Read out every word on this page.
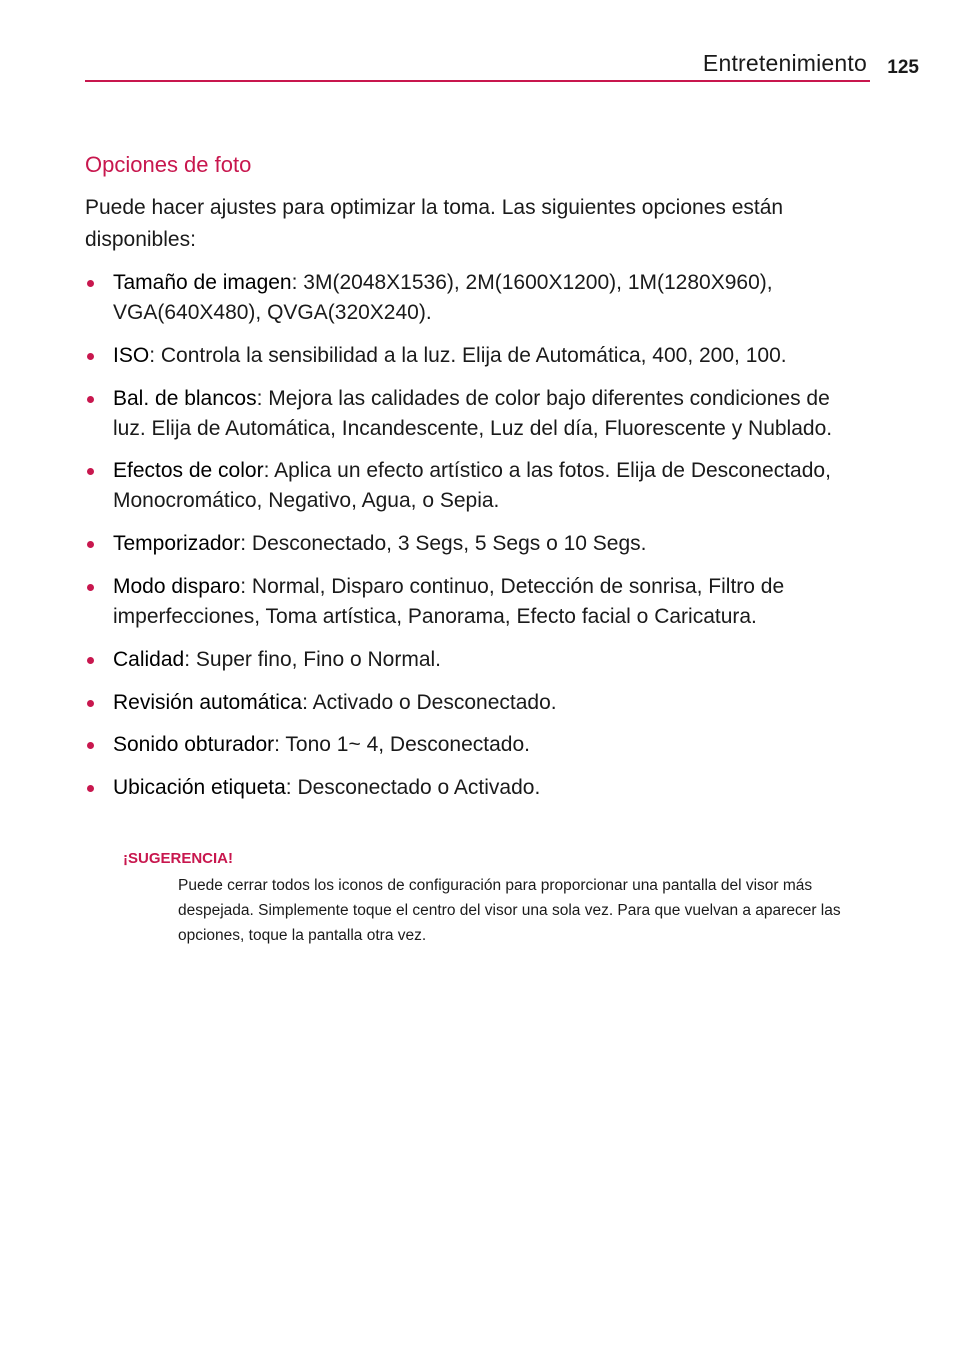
Entretenimiento 125
Opciones de foto

Puede hacer ajustes para optimizar la toma. Las siguientes opciones están disponibles:

Tamaño de imagen: 3M(2048X1536), 2M(1600X1200), 1M(1280X960), VGA(640X480), QVGA(320X240).
ISO: Controla la sensibilidad a la luz. Elija de Automática, 400, 200, 100.
Bal. de blancos: Mejora las calidades de color bajo diferentes condiciones de luz. Elija de Automática, Incandescente, Luz del día, Fluorescente y Nublado.
Efectos de color: Aplica un efecto artístico a las fotos. Elija de Desconectado, Monocromático, Negativo, Agua, o Sepia.
Temporizador: Desconectado, 3 Segs, 5 Segs o 10 Segs.
Modo disparo: Normal, Disparo continuo, Detección de sonrisa, Filtro de imperfecciones, Toma artística, Panorama, Efecto facial o Caricatura.
Calidad: Super fino, Fino o Normal.
Revisión automática: Activado o Desconectado.
Sonido obturador: Tono 1~ 4, Desconectado.
Ubicación etiqueta: Desconectado o Activado.
¡SUGERENCIA!
Puede cerrar todos los iconos de configuración para proporcionar una pantalla del visor más despejada. Simplemente toque el centro del visor una sola vez. Para que vuelvan a aparecer las opciones, toque la pantalla otra vez.
